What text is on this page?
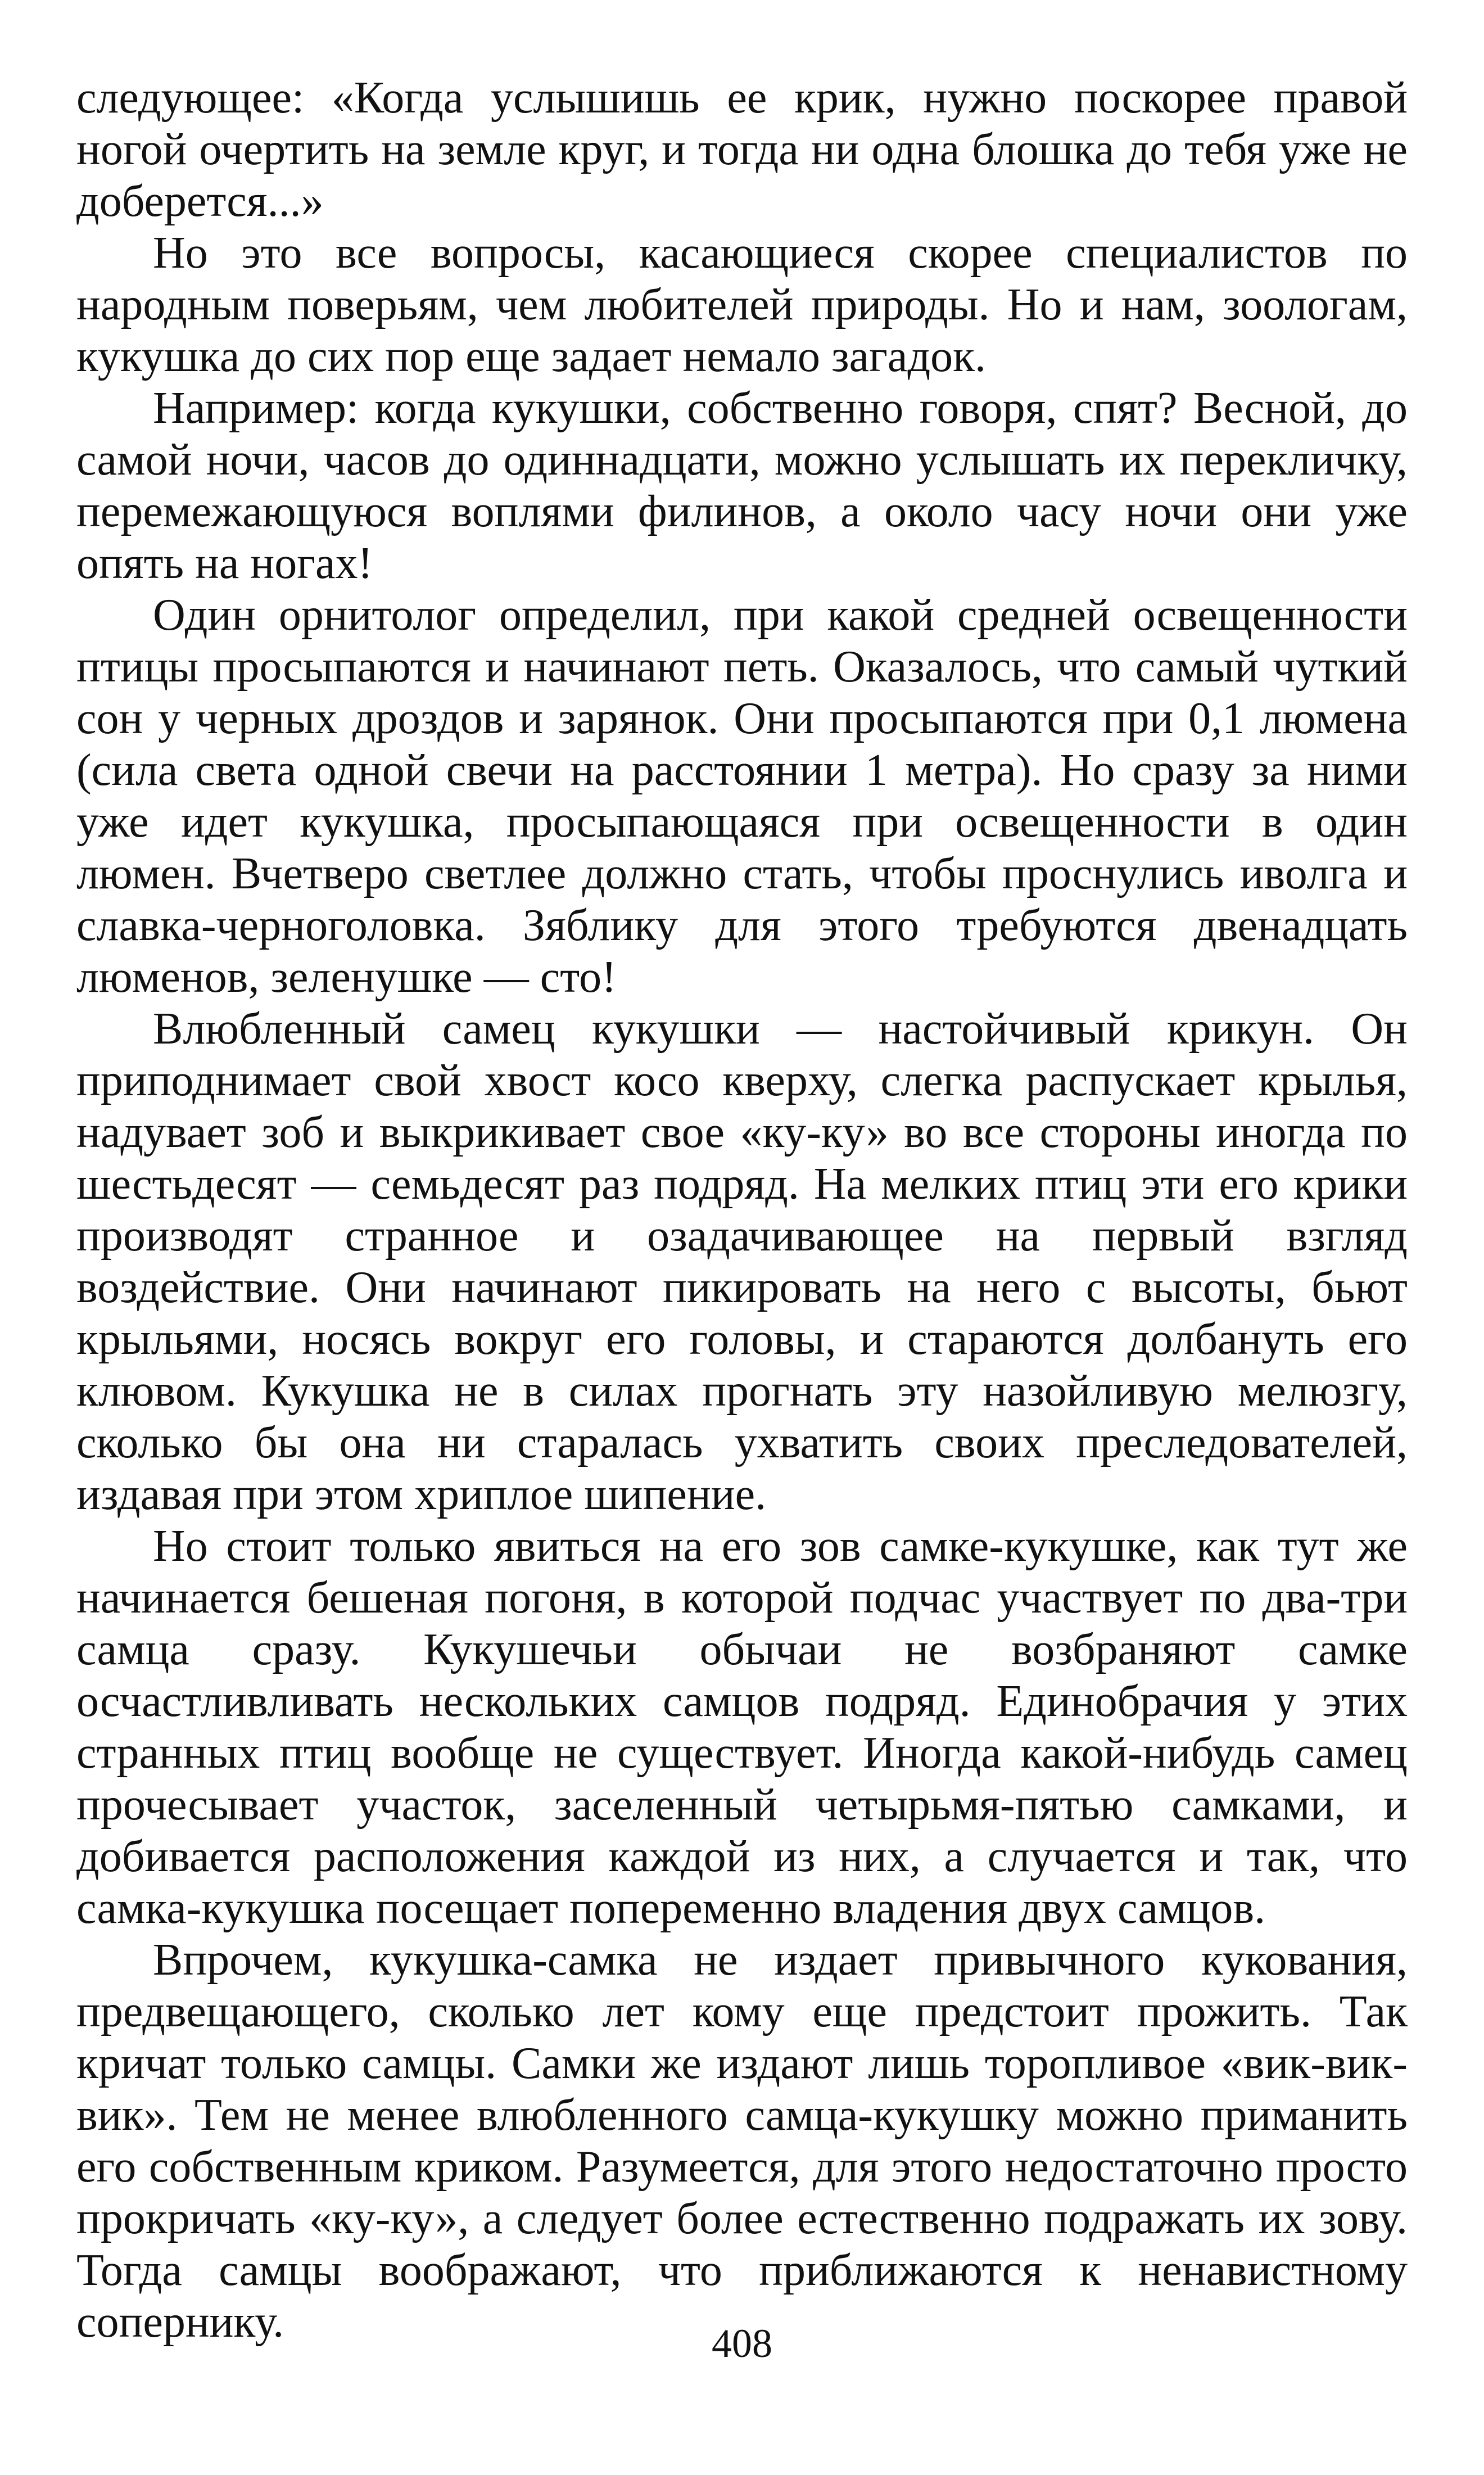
следующее: «Когда услышишь ее крик, нужно поскорее правой ногой очертить на земле круг, и тогда ни одна блошка до тебя уже не доберется...»

Но это все вопросы, касающиеся скорее специалистов по народным поверьям, чем любителей природы. Но и нам, зоологам, кукушка до сих пор еще задает немало загадок.

Например: когда кукушки, собственно говоря, спят? Весной, до самой ночи, часов до одиннадцати, можно услышать их перекличку, перемежающуюся воплями филинов, а около часу ночи они уже опять на ногах!

Один орнитолог определил, при какой средней освещенности птицы просыпаются и начинают петь. Оказалось, что самый чуткий сон у черных дроздов и зарянок. Они просыпаются при 0,1 люмена (сила света одной свечи на расстоянии 1 метра). Но сразу за ними уже идет кукушка, просыпающаяся при освещенности в один люмен. Вчетверо светлее должно стать, чтобы проснулись иволга и славка-черноголовка. Зяблику для этого требуются двенадцать люменов, зеленушке — сто!

Влюбленный самец кукушки — настойчивый крикун. Он приподнимает свой хвост косо кверху, слегка распускает крылья, надувает зоб и выкрикивает свое «ку-ку» во все стороны иногда по шестьдесят — семьдесят раз подряд. На мелких птиц эти его крики производят странное и озадачивающее на первый взгляд воздействие. Они начинают пикировать на него с высоты, бьют крыльями, носясь вокруг его головы, и стараются долбануть его клювом. Кукушка не в силах прогнать эту назойливую мелюзгу, сколько бы она ни старалась ухватить своих преследователей, издавая при этом хриплое шипение.

Но стоит только явиться на его зов самке-кукушке, как тут же начинается бешеная погоня, в которой подчас участвует по два-три самца сразу. Кукушечьи обычаи не возбраняют самке осчастливливать нескольких самцов подряд. Единобрачия у этих странных птиц вообще не существует. Иногда какой-нибудь самец прочесывает участок, заселенный четырьмя-пятью самками, и добивается расположения каждой из них, а случается и так, что самка-кукушка посещает попеременно владения двух самцов.

Впрочем, кукушка-самка не издает привычного кукования, предвещающего, сколько лет кому еще предстоит прожить. Так кричат только самцы. Самки же издают лишь торопливое «вик-вик-вик». Тем не менее влюбленного самца-кукушку можно приманить его собственным криком. Разумеется, для этого недостаточно просто прокричать «ку-ку», а следует более естественно подражать их зову. Тогда самцы воображают, что приближаются к ненавистному сопернику.	408
